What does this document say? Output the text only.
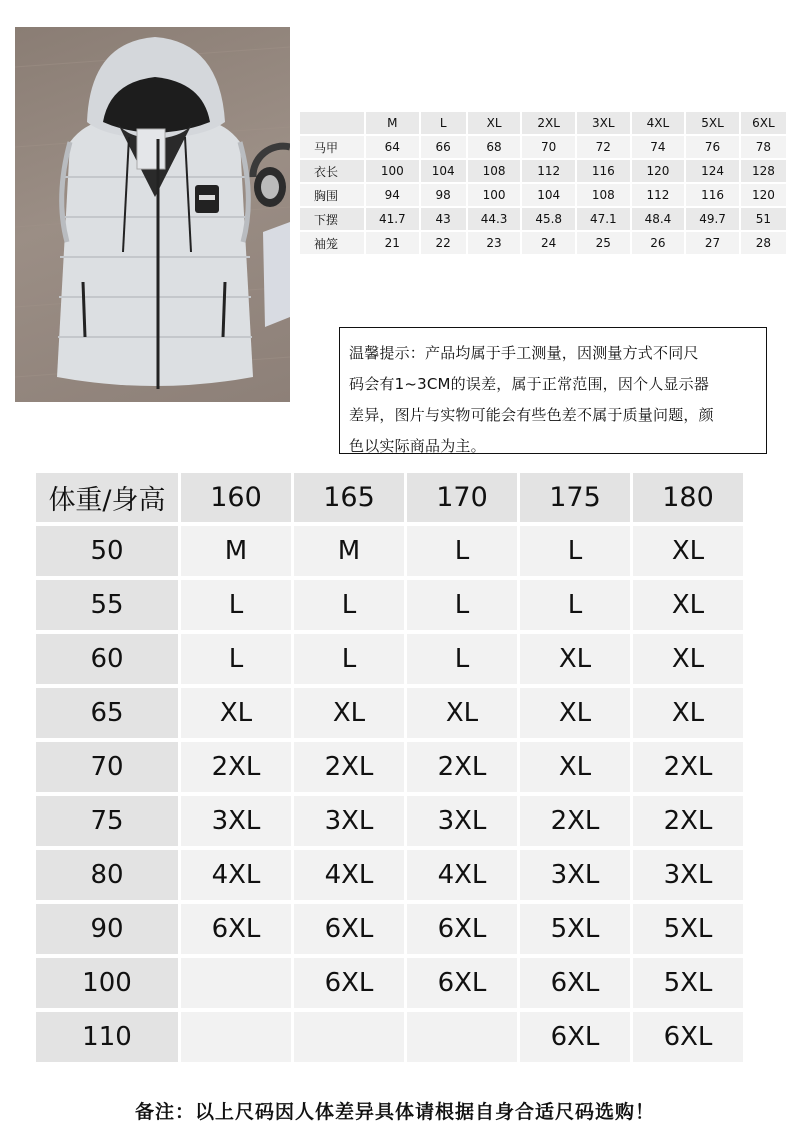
	M	L	XL	2XL	3XL	4XL	5XL	6XL
马甲	64	66	68	70	72	74	76	78
衣长	100	104	108	112	116	120	124	128
胸围	94	98	100	104	108	112	116	120
下摆	41.7	43	44.3	45.8	47.1	48.4	49.7	51
袖笼	21	22	23	24	25	26	27	28
温馨提示：产品均属于手工测量，因测量方式不同尺
码会有1~3CM的误差，属于正常范围，因个人显示器
差异，图片与实物可能会有些色差不属于质量问题，颜
色以实际商品为主。
体重/身高	160	165	170	175	180
50	M	M	L	L	XL
55	L	L	L	L	XL
60	L	L	L	XL	XL
65	XL	XL	XL	XL	XL
70	2XL	2XL	2XL	XL	2XL
75	3XL	3XL	3XL	2XL	2XL
80	4XL	4XL	4XL	3XL	3XL
90	6XL	6XL	6XL	5XL	5XL
100		6XL	6XL	6XL	5XL
110				6XL	6XL
备注：以上尺码因人体差异具体请根据自身合适尺码选购！
